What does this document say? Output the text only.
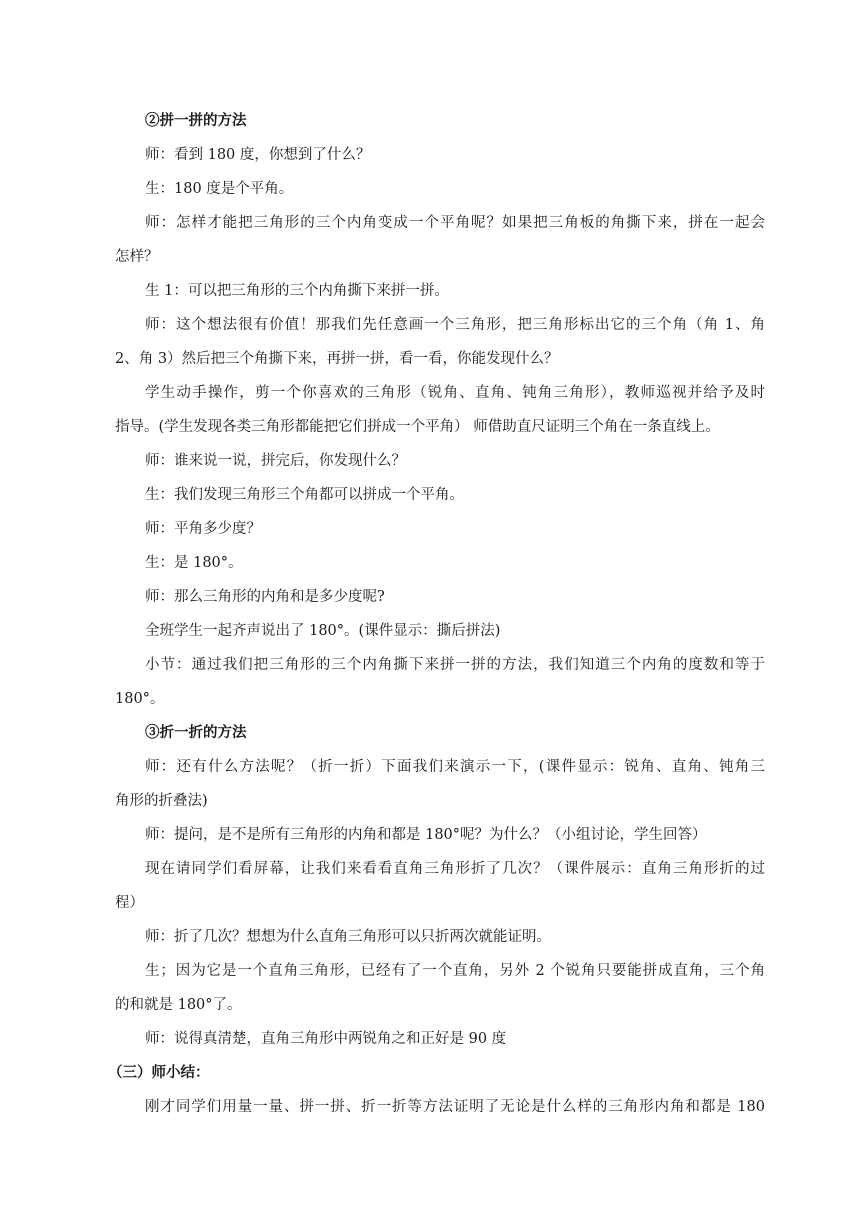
②拼一拼的方法
师：看到 180 度，你想到了什么？
生：180 度是个平角。
师：怎样才能把三角形的三个内角变成一个平角呢？如果把三角板的角撕下来，拼在一起会
怎样？
生 1：可以把三角形的三个内角撕下来拼一拼。
师：这个想法很有价值！那我们先任意画一个三角形，把三角形标出它的三个角（角 1、角
2、角 3）然后把三个角撕下来，再拼一拼，看一看，你能发现什么？
学生动手操作，剪一个你喜欢的三角形（锐角、直角、钝角三角形），教师巡视并给予及时
指导。(学生发现各类三角形都能把它们拼成一个平角） 师借助直尺证明三个角在一条直线上。
师：谁来说一说，拼完后，你发现什么？
生：我们发现三角形三个角都可以拼成一个平角。
师：平角多少度？
生：是 180°。
师：那么三角形的内角和是多少度呢?
全班学生一起齐声说出了 180°。(课件显示：撕后拼法)
小节：通过我们把三角形的三个内角撕下来拼一拼的方法，我们知道三个内角的度数和等于
180°。
③折一折的方法
师：还有什么方法呢？（折一折）下面我们来演示一下，(课件显示：锐角、直角、钝角三
角形的折叠法)
师：提问，是不是所有三角形的内角和都是 180°呢？为什么？（小组讨论，学生回答）
现在请同学们看屏幕，让我们来看看直角三角形折了几次？（课件展示：直角三角形折的过
程）
师：折了几次？想想为什么直角三角形可以只折两次就能证明。
生；因为它是一个直角三角形，已经有了一个直角，另外 2 个锐角只要能拼成直角，三个角
的和就是 180°了。
师：说得真清楚，直角三角形中两锐角之和正好是 90 度
（三）师小结：
刚才同学们用量一量、拼一拼、折一折等方法证明了无论是什么样的三角形内角和都是 180
